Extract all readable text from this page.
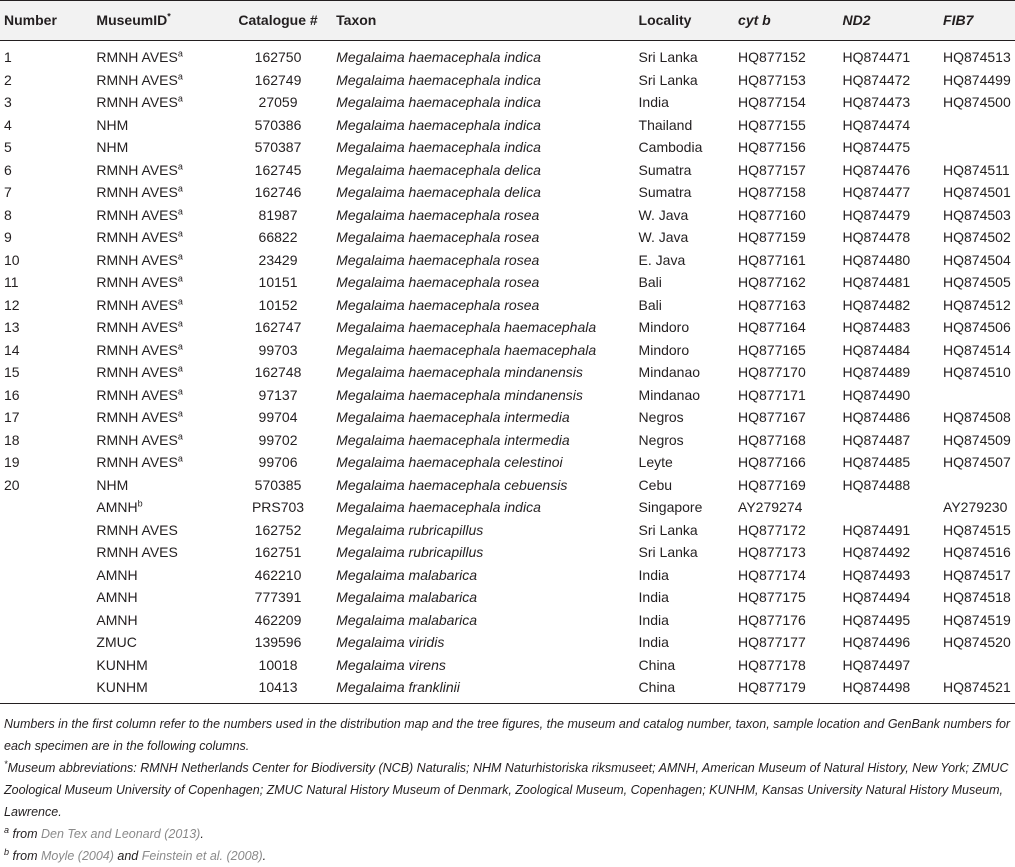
Number	MuseumID*	Catalogue #	Taxon	Locality	cyt b	ND2	FIB7
1	RMNH AVES$^a$	162750	Megalaima haemacephala indica	Sri Lanka	HQ877152	HQ874471	HQ874513
2	RMNH AVES$^a$	162749	Megalaima haemacephala indica	Sri Lanka	HQ877153	HQ874472	HQ874499
3	RMNH AVES$^a$	27059	Megalaima haemacephala indica	India	HQ877154	HQ874473	HQ874500
4	NHM	570386	Megalaima haemacephala indica	Thailand	HQ877155	HQ874474	
5	NHM	570387	Megalaima haemacephala indica	Cambodia	HQ877156	HQ874475	
6	RMNH AVES$^a$	162745	Megalaima haemacephala delica	Sumatra	HQ877157	HQ874476	HQ874511
7	RMNH AVES$^a$	162746	Megalaima haemacephala delica	Sumatra	HQ877158	HQ874477	HQ874501
8	RMNH AVES$^a$	81987	Megalaima haemacephala rosea	W. Java	HQ877160	HQ874479	HQ874503
9	RMNH AVES$^a$	66822	Megalaima haemacephala rosea	W. Java	HQ877159	HQ874478	HQ874502
10	RMNH AVES$^a$	23429	Megalaima haemacephala rosea	E. Java	HQ877161	HQ874480	HQ874504
11	RMNH AVES$^a$	10151	Megalaima haemacephala rosea	Bali	HQ877162	HQ874481	HQ874505
12	RMNH AVES$^a$	10152	Megalaima haemacephala rosea	Bali	HQ877163	HQ874482	HQ874512
13	RMNH AVES$^a$	162747	Megalaima haemacephala haemacephala	Mindoro	HQ877164	HQ874483	HQ874506
14	RMNH AVES$^a$	99703	Megalaima haemacephala haemacephala	Mindoro	HQ877165	HQ874484	HQ874514
15	RMNH AVES$^a$	162748	Megalaima haemacephala mindanensis	Mindanao	HQ877170	HQ874489	HQ874510
16	RMNH AVES$^a$	97137	Megalaima haemacephala mindanensis	Mindanao	HQ877171	HQ874490	
17	RMNH AVES$^a$	99704	Megalaima haemacephala intermedia	Negros	HQ877167	HQ874486	HQ874508
18	RMNH AVES$^a$	99702	Megalaima haemacephala intermedia	Negros	HQ877168	HQ874487	HQ874509
19	RMNH AVES$^a$	99706	Megalaima haemacephala celestinoi	Leyte	HQ877166	HQ874485	HQ874507
20	NHM	570385	Megalaima haemacephala cebuensis	Cebu	HQ877169	HQ874488	
	AMNH$^b$	PRS703	Megalaima haemacephala indica	Singapore	AY279274		AY279230
	RMNH AVES	162752	Megalaima rubricapillus	Sri Lanka	HQ877172	HQ874491	HQ874515
	RMNH AVES	162751	Megalaima rubricapillus	Sri Lanka	HQ877173	HQ874492	HQ874516
	AMNH	462210	Megalaima malabarica	India	HQ877174	HQ874493	HQ874517
	AMNH	777391	Megalaima malabarica	India	HQ877175	HQ874494	HQ874518
	AMNH	462209	Megalaima malabarica	India	HQ877176	HQ874495	HQ874519
	ZMUC	139596	Megalaima viridis	India	HQ877177	HQ874496	HQ874520
	KUNHM	10018	Megalaima virens	China	HQ877178	HQ874497	
	KUNHM	10413	Megalaima franklinii	China	HQ877179	HQ874498	HQ874521

Numbers in the first column refer to the numbers used in the distribution map and the tree figures, the museum and catalog number, taxon, sample location and GenBank numbers for each specimen are in the following columns.

*Museum abbreviations: RMNH Netherlands Center for Biodiversity (NCB) Naturalis; NHM Naturhistoriska riksmuseet; AMNH, American Museum of Natural History, New York; ZMUC Zoological Museum University of Copenhagen; ZMUC Natural History Museum of Denmark, Zoological Museum, Copenhagen; KUNHM, Kansas University Natural History Museum, Lawrence.

$^a$ from Den Tex and Leonard (2013).

$^b$ from Moyle (2004) and Feinstein et al. (2008).
